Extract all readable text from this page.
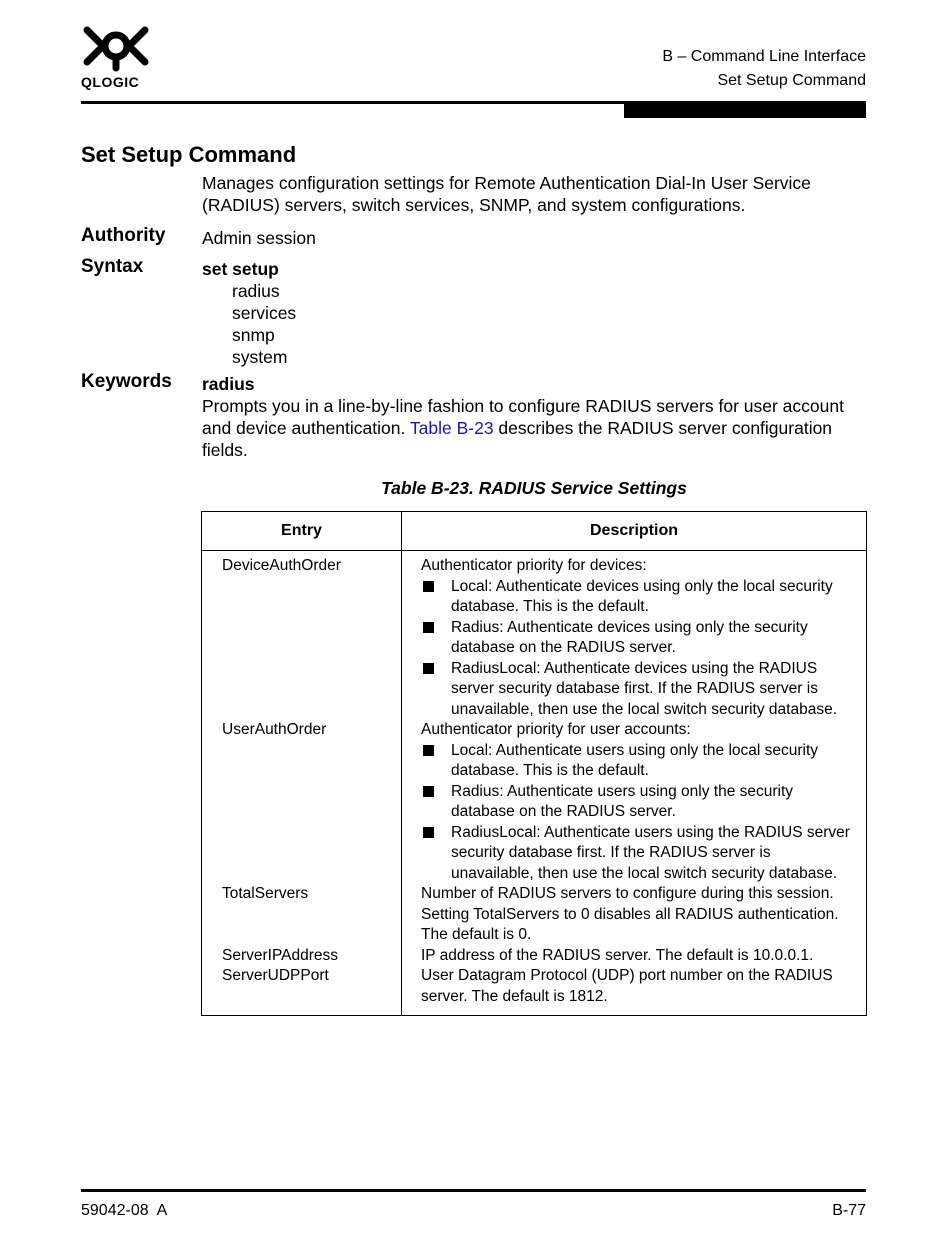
QLOGIC
B – Command Line Interface
Set Setup Command
Set Setup Command
Manages configuration settings for Remote Authentication Dial-In User Service (RADIUS) servers, switch services, SNMP, and system configurations.
Authority Admin session
Syntax	set setup
radius
services
snmp
system
Keywords radius
Prompts you in a line-by-line fashion to configure RADIUS servers for user account and device authentication. Table B-23 describes the RADIUS server configuration fields.
Table B-23. RADIUS Service Settings
Entry	Description
DeviceAuthOrder	Authenticator priority for devices:
Local: Authenticate devices using only the local security database. This is the default.
Radius: Authenticate devices using only the security database on the RADIUS server.
RadiusLocal: Authenticate devices using the RADIUS server security database first. If the RADIUS server is unavailable, then use the local switch security database.

UserAuthOrder	Authenticator priority for user accounts:
Local: Authenticate users using only the local security database. This is the default.
Radius: Authenticate users using only the security database on the RADIUS server.
RadiusLocal: Authenticate users using the RADIUS server security database first. If the RADIUS server is unavailable, then use the local switch security database.

TotalServers	Number of RADIUS servers to configure during this session. Setting TotalServers to 0 disables all RADIUS authentication. The default is 0.
ServerIPAddress	IP address of the RADIUS server. The default is 10.0.0.1.
ServerUDPPort	User Datagram Protocol (UDP) port number on the RADIUS server. The default is 1812.
59042-08  A	B-77
